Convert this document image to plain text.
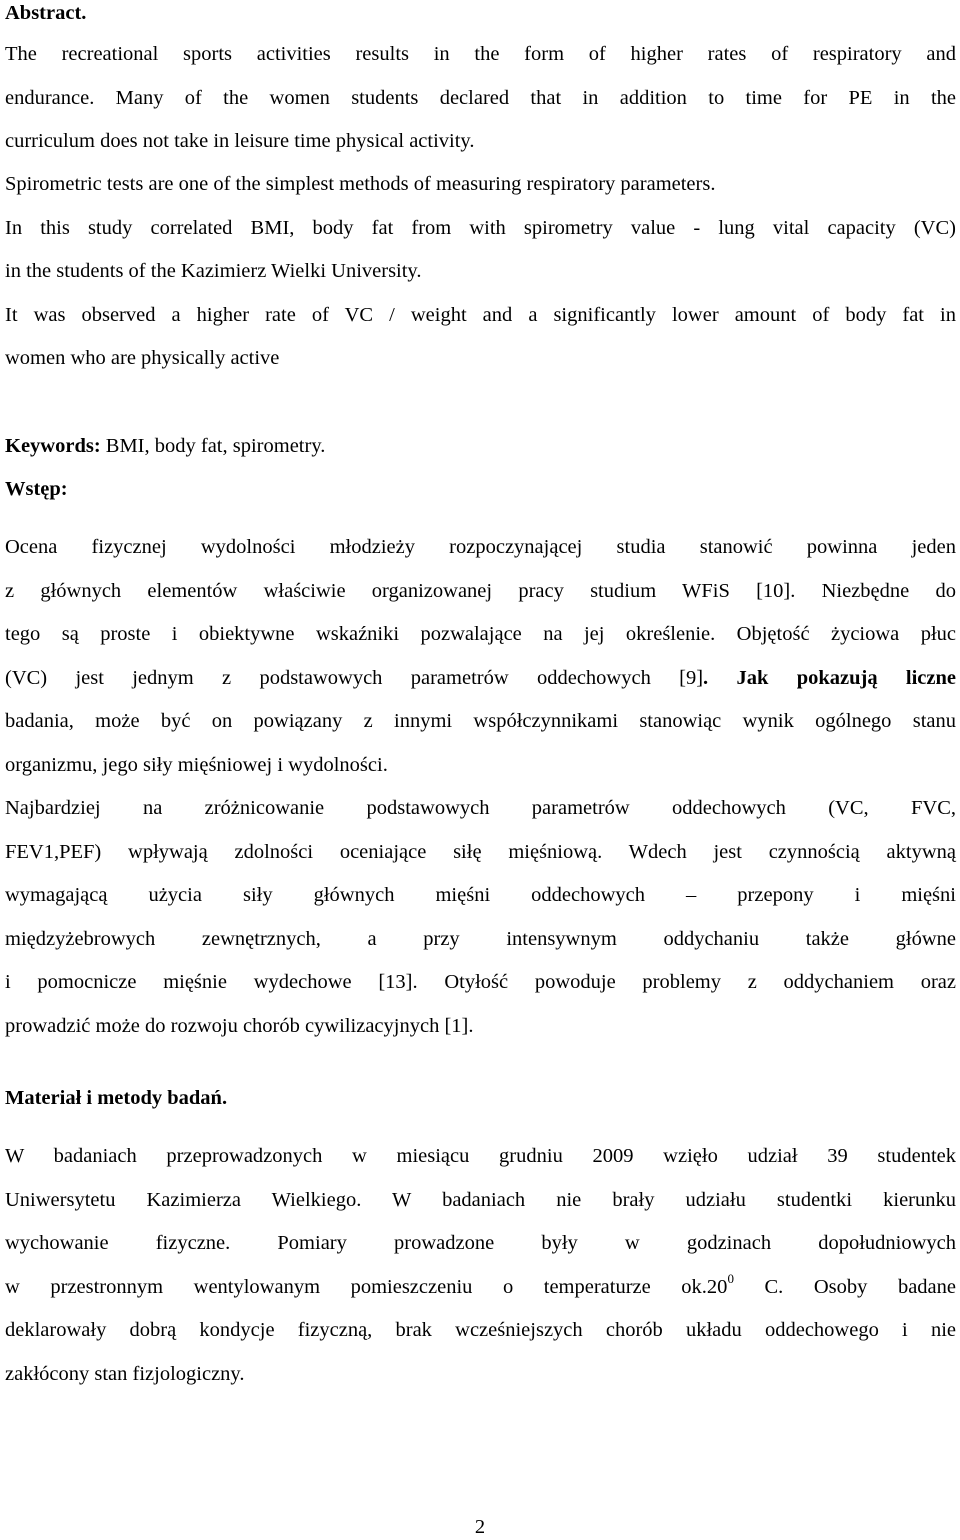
Abstract.
The recreational sports activities results in the form of higher rates of respiratory and
endurance. Many of the women students declared that in addition to time for PE in the
curriculum does not take in leisure time physical activity.
Spirometric tests are one of the simplest methods of measuring respiratory parameters.
In this study correlated BMI, body fat from with spirometry value - lung vital capacity (VC)
in the students of the Kazimierz Wielki University.
It was observed a higher rate of VC / weight and a significantly lower amount of body fat in
women who are physically active
Keywords: BMI, body fat, spirometry.
Wstęp:
Ocena fizycznej wydolności młodzieży rozpoczynającej studia stanowić powinna jeden
z głównych elementów właściwie organizowanej pracy studium WFiS [10]. Niezbędne do
tego są proste i obiektywne wskaźniki pozwalające na jej określenie. Objętość życiowa płuc
(VC) jest jednym z podstawowych parametrów oddechowych [9]. Jak pokazują liczne
badania, może być on powiązany z innymi współczynnikami stanowiąc wynik ogólnego stanu
organizmu, jego siły mięśniowej i wydolności.
Najbardziej na zróżnicowanie podstawowych parametrów oddechowych (VC, FVC,
FEV1,PEF) wpływają zdolności oceniające siłę mięśniową. Wdech jest czynnością aktywną
wymagającą użycia siły głównych mięśni oddechowych – przepony i mięśni
międzyżebrowych zewnętrznych, a przy intensywnym oddychaniu także główne
i pomocnicze mięśnie wydechowe [13]. Otyłość powoduje problemy z oddychaniem oraz
prowadzić może do rozwoju chorób cywilizacyjnych [1].
Materiał i metody badań.
W badaniach przeprowadzonych w miesiącu grudniu 2009 wzięło udział 39 studentek
Uniwersytetu Kazimierza Wielkiego. W badaniach nie brały udziału studentki kierunku
wychowanie fizyczne. Pomiary prowadzone były w godzinach dopołudniowych
w przestronnym wentylowanym pomieszczeniu o temperaturze $ok.20^0$ C. Osoby badane
deklarowały dobrą kondycje fizyczną, brak wcześniejszych chorób układu oddechowego i nie
zakłócony stan fizjologiczny.
2
